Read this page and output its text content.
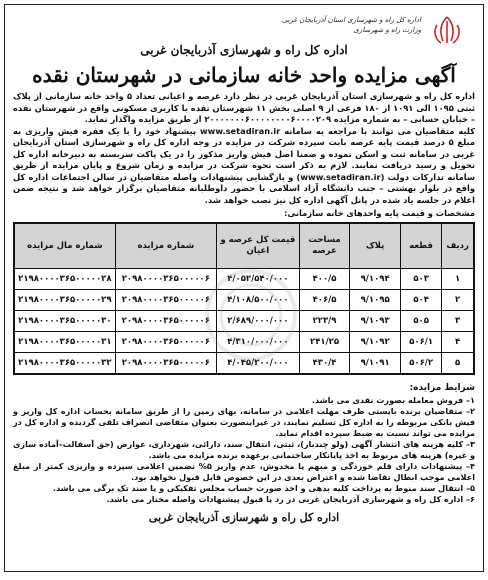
اداره کل راه و شهرسازی استان آذربایجان غربی
وزارت راه و شهرسازی
اداره کل راه و شهرسازی آذربایجان غربی
آگهی مزایده واحد خانه سازمانی در شهرستان نقده

اداره کل راه و شهرسازی استان آذربایجان غربی در نظر دارد عرصه و اعیانی تعداد ۵ واحد خانه سازمانی از پلاک ثبتی ۱۰۹۵ الی ۱۰۹۱ از ۱۸۰ فرعی از ۹ اصلی بخش ۱۱ شهرستان نقده با کاربری مسکونی واقع در شهرستان نقده – خیابان حسابی – به شماره مزایده ۲۰۰۰۰۰۰۰۶۰۰۰۰۰۰۰۰۶۰۰۰۰۲۰۹ از طریق مزایده واگذار نماید.

کلیه متقاضیان می توانند با مراجعه به سامانه www.setadiran.ir پیشنهاد خود را با یک فقره فیش واریزی به مبلغ ۵ درصد قیمت پایه عرصه بابت سپرده شرکت در مزایده در وجه اداره کل راه و شهرسازی استان آذربایجان غربی در سامانه ثبت و اسکن نموده و ضمنا اصل فیش واریز مذکور را در یک پاکت سربسته به دبیرخانه اداره کل تحویل و رسید دریافت نمایند. لازم به ذکر است نحوه شرکت در مزایده و زمان شروع و پایان مزایده از طریق سامانه تدارکات دولت (www.setadiran.ir) و بازگشایی پیشنهادات واصله متقاضیان در سالن اجتماعات اداره کل واقع در بلوار بهشتی – جنب دانشگاه آزاد اسلامی با حضور داوطلبانه متقاضیان برگزار خواهد شد و نتیجه ضمن اعلام در جلسه یاد شده در پانل آگهی اداره کل نیز نصب خواهد شد.

مشخصات و قیمت پایه واحدهای خانه سازمانی:
ردیف	قطعه	پلاک	مساحت عرصه	قیمت کل عرصه و اعیان	شماره مزایده	شماره مال مزایده
۱	۵۰۳	۹/۱۰۹۴	۴۰۰/۵	۴/۰۵۲/۵۴۰/۰۰۰	۲۰۹۸۰۰۰۰۳۶۵۰۰۰۰۰۶	۲۱۹۸۰۰۰۰۳۶۵۰۰۰۰۰۲۸
۲	۵۰۴	۹/۱۰۹۵	۴۰۶/۵	۴/۱۰۸/۵۰۰/۰۰۰	۲۰۹۸۰۰۰۰۳۶۵۰۰۰۰۰۶	۲۱۹۸۰۰۰۰۳۶۵۰۰۰۰۰۲۹
۳	۵۰۵	۹/۱۰۹۳	۲۲۳/۹	۲/۶۸۹/۰۰۰/۰۰۰	۲۰۹۸۰۰۰۰۳۶۵۰۰۰۰۰۶	۲۱۹۸۰۰۰۰۳۶۵۰۰۰۰۰۳۰
۴	۵۰۶/۱	۹/۱۰۹۲	۲۴۱/۲۵	۴/۳۱۰/۰۰۰/۰۰۰	۲۰۹۸۰۰۰۰۳۶۵۰۰۰۰۰۶	۲۱۹۸۰۰۰۰۳۶۵۰۰۰۰۰۳۱
۵	۵۰۶/۲	۹/۱۰۹۱	۴۳۰/۴	۴/۰۴۵/۲۰۰/۰۰۰	۲۰۹۸۰۰۰۰۳۶۵۰۰۰۰۰۶	۲۱۹۸۰۰۰۰۳۶۵۰۰۰۰۰۳۲
شرایط مزایده:
۱– فروش معامله بصورت نقدی می باشد.
۲– متقاضیان برنده بایستی ظرف مهلت اعلامی در سامانه، بهای زمین را از طریق سامانه بحساب اداره کل واریز و فیش بانکی مربوطه را به اداره کل تسلیم نمایند، در غیراینصورت بعنوان متقاضی انصراف تلقی گردیده و اداره کل در مزایده می تواند نسبت به ضبط سپرده اقدام نماید.
۳– کلیه هزینه های انتشار آگهی (ولو چندبار)، ثبتی، انتقال سند، دارائی، شهرداری، عوارض (حق آسفالت–آماده سازی و غیره) هزینه های مربوط به اخذ پایانکار ساختمانی برعهده برنده مزایده می باشد.
۴– پیشنهادات دارای قلم خوردگی و مبهم یا مخدوش، عدم واریز ۵% تضمین اعلامی سپرده و واریزی کمتر از مبلغ اعلامی موجب ابطال تقاضا شده و اعتراض بعدی در این خصوص قابل قبول نخواهد بود.
۵– انتقال سند منوط به پرداخت کلیه بدهی و اخذ صورت حساب مجلس تفکیکی و یا سند تک برگی می باشد.
۶– اداره کل راه و شهرسازی آذربایجان غربی در رد یا قبول پیشنهادات واصله مختار می باشد.
اداره کل راه و شهرسازی آذربایجان غربی
